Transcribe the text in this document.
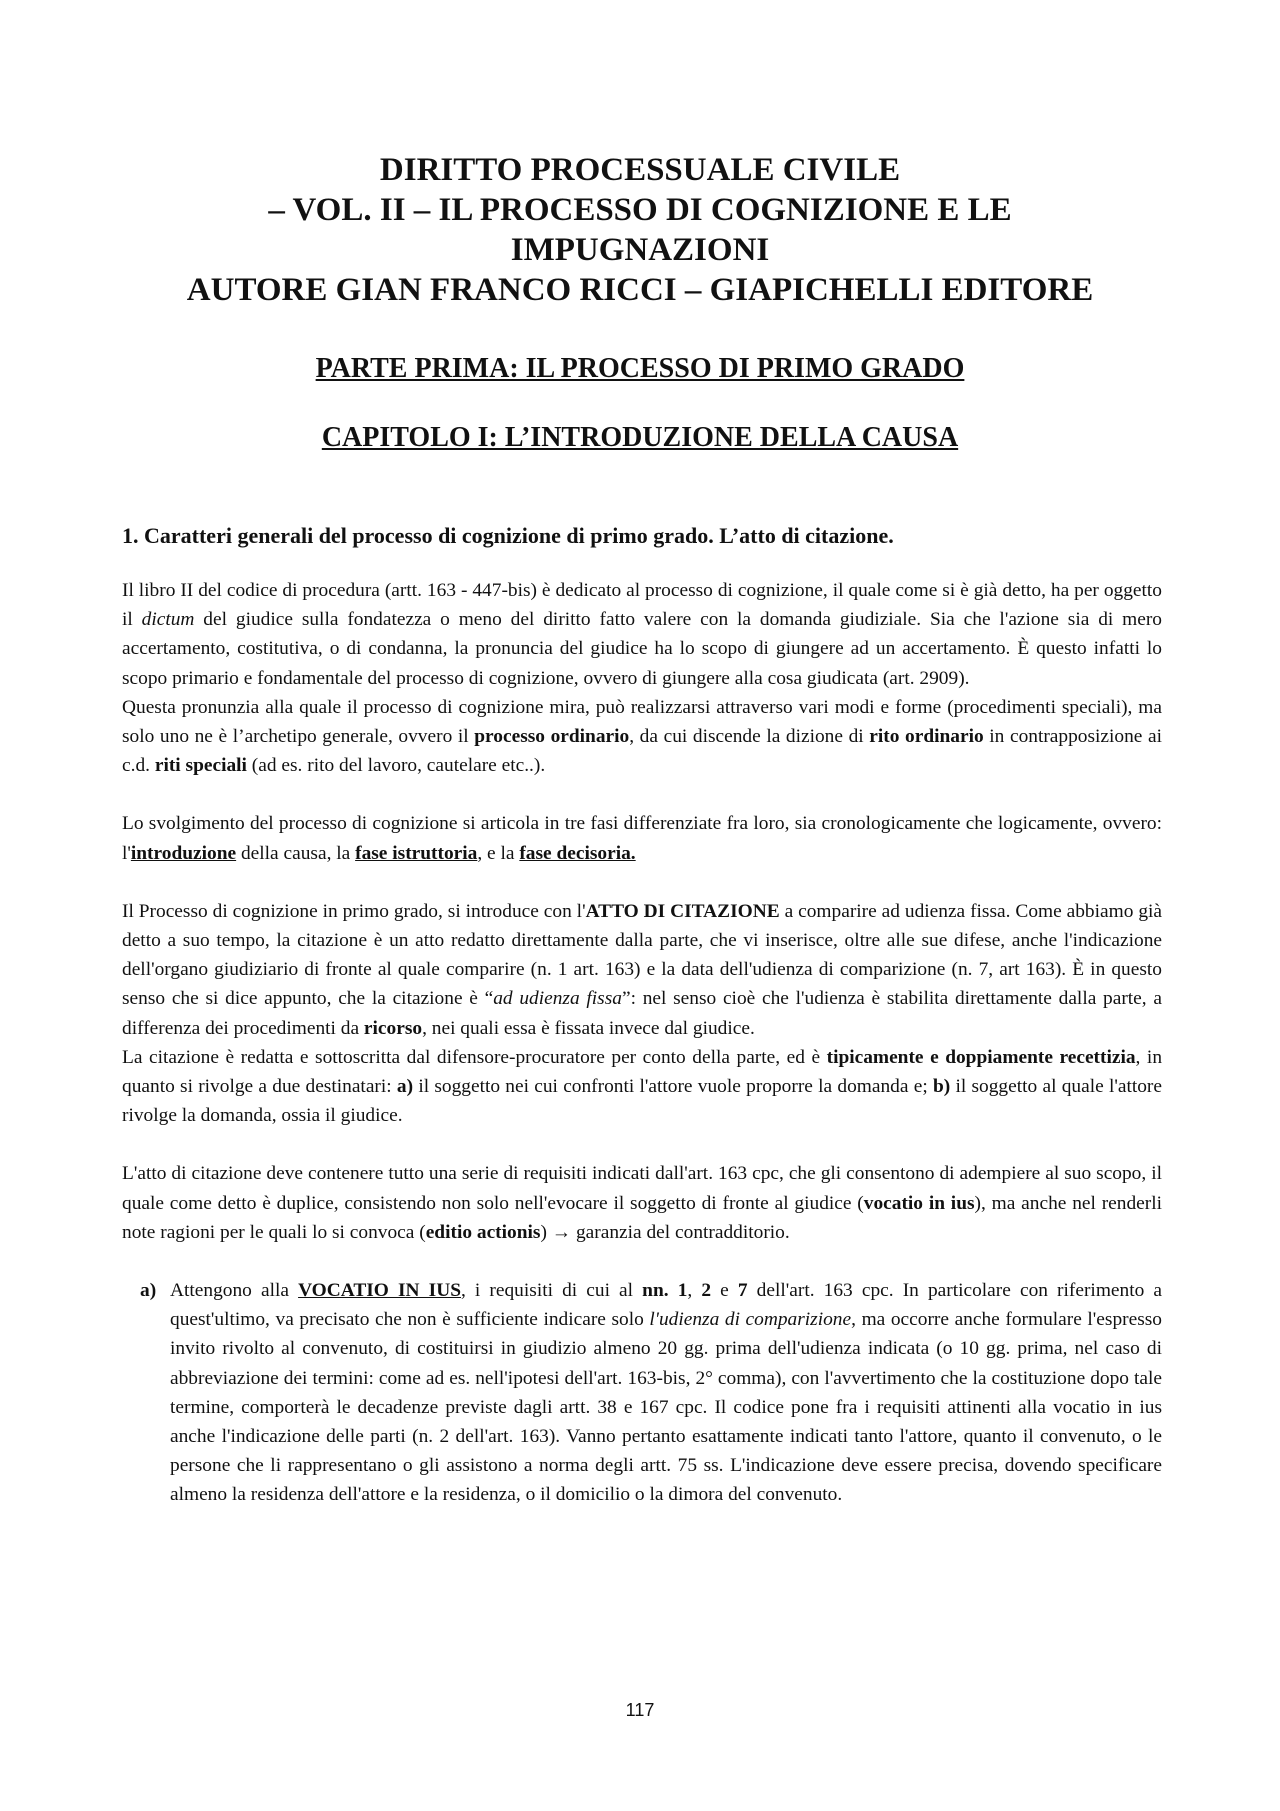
DIRITTO PROCESSUALE CIVILE
– VOL. II – IL PROCESSO DI COGNIZIONE E LE
IMPUGNAZIONI
AUTORE GIAN FRANCO RICCI – GIAPICHELLI EDITORE
PARTE PRIMA: IL PROCESSO DI PRIMO GRADO
CAPITOLO I: L’INTRODUZIONE DELLA CAUSA
1. Caratteri generali del processo di cognizione di primo grado. L’atto di citazione.

Il libro II del codice di procedura (artt. 163 - 447-bis) è dedicato al processo di cognizione, il quale come si è già detto, ha per oggetto il dictum del giudice sulla fondatezza o meno del diritto fatto valere con la domanda giudiziale. Sia che l'azione sia di mero accertamento, costitutiva, o di condanna, la pronuncia del giudice ha lo scopo di giungere ad un accertamento. È questo infatti lo scopo primario e fondamentale del processo di cognizione, ovvero di giungere alla cosa giudicata (art. 2909).

Questa pronunzia alla quale il processo di cognizione mira, può realizzarsi attraverso vari modi e forme (procedimenti speciali), ma solo uno ne è l’archetipo generale, ovvero il processo ordinario, da cui discende la dizione di rito ordinario in contrapposizione ai c.d. riti speciali (ad es. rito del lavoro, cautelare etc..).

Lo svolgimento del processo di cognizione si articola in tre fasi differenziate fra loro, sia cronologicamente che logicamente, ovvero: l'introduzione della causa, la fase istruttoria, e la fase decisoria.

Il Processo di cognizione in primo grado, si introduce con l'ATTO DI CITAZIONE a comparire ad udienza fissa. Come abbiamo già detto a suo tempo, la citazione è un atto redatto direttamente dalla parte, che vi inserisce, oltre alle sue difese, anche l'indicazione dell'organo giudiziario di fronte al quale comparire (n. 1 art. 163) e la data dell'udienza di comparizione (n. 7, art 163). È in questo senso che si dice appunto, che la citazione è “ad udienza fissa”: nel senso cioè che l'udienza è stabilita direttamente dalla parte, a differenza dei procedimenti da ricorso, nei quali essa è fissata invece dal giudice.

La citazione è redatta e sottoscritta dal difensore-procuratore per conto della parte, ed è tipicamente e doppiamente recettizia, in quanto si rivolge a due destinatari: a) il soggetto nei cui confronti l'attore vuole proporre la domanda e; b) il soggetto al quale l'attore rivolge la domanda, ossia il giudice.

L'atto di citazione deve contenere tutto una serie di requisiti indicati dall'art. 163 cpc, che gli consentono di adempiere al suo scopo, il quale come detto è duplice, consistendo non solo nell'evocare il soggetto di fronte al giudice (vocatio in ius), ma anche nel renderli note ragioni per le quali lo si convoca (editio actionis) → garanzia del contradditorio.

a) Attengono alla VOCATIO IN IUS, i requisiti di cui al nn. 1, 2 e 7 dell'art. 163 cpc. In particolare con riferimento a quest'ultimo, va precisato che non è sufficiente indicare solo l'udienza di comparizione, ma occorre anche formulare l'espresso invito rivolto al convenuto, di costituirsi in giudizio almeno 20 gg. prima dell'udienza indicata (o 10 gg. prima, nel caso di abbreviazione dei termini: come ad es. nell'ipotesi dell'art. 163-bis, 2° comma), con l'avvertimento che la costituzione dopo tale termine, comporterà le decadenze previste dagli artt. 38 e 167 cpc. Il codice pone fra i requisiti attinenti alla vocatio in ius anche l'indicazione delle parti (n. 2 dell'art. 163). Vanno pertanto esattamente indicati tanto l'attore, quanto il convenuto, o le persone che li rappresentano o gli assistono a norma degli artt. 75 ss. L'indicazione deve essere precisa, dovendo specificare almeno la residenza dell'attore e la residenza, o il domicilio o la dimora del convenuto.
117
